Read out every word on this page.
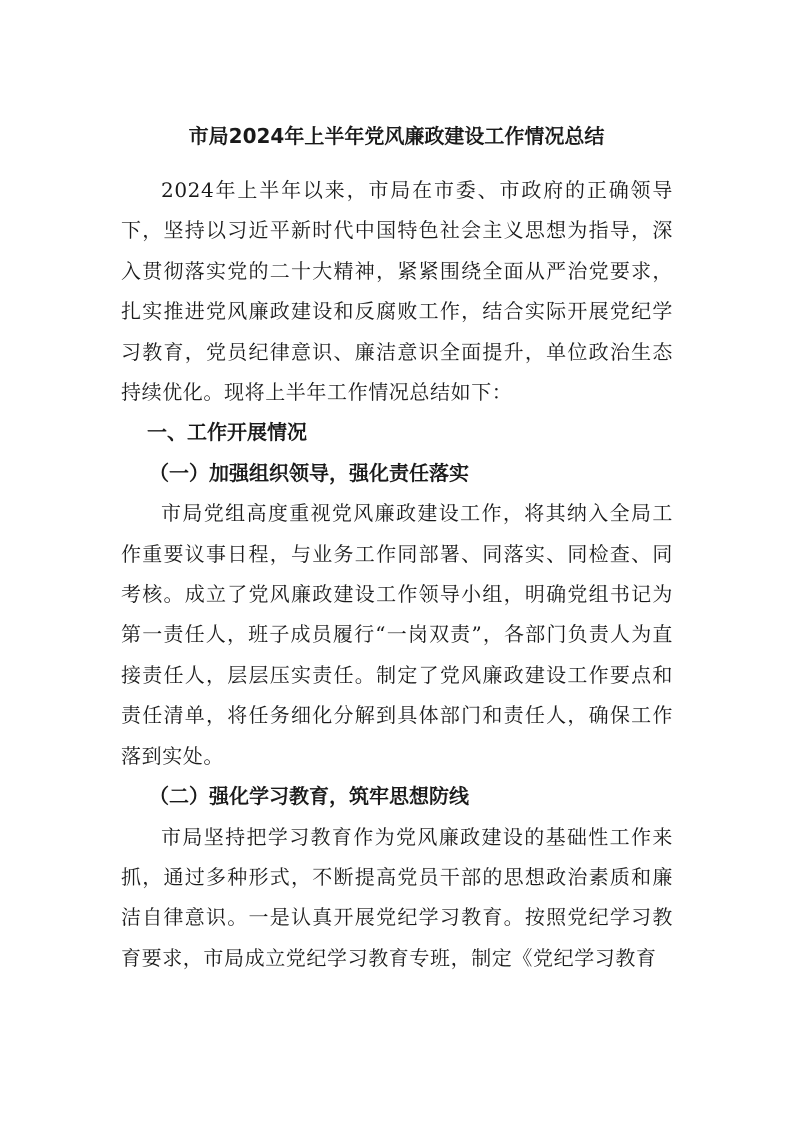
市局2024年上半年党风廉政建设工作情况总结

2024年上半年以来，市局在市委、市政府的正确领导下，坚持以习近平新时代中国特色社会主义思想为指导，深入贯彻落实党的二十大精神，紧紧围绕全面从严治党要求，扎实推进党风廉政建设和反腐败工作，结合实际开展党纪学习教育，党员纪律意识、廉洁意识全面提升，单位政治生态持续优化。现将上半年工作情况总结如下：

一、工作开展情况

（一）加强组织领导，强化责任落实

市局党组高度重视党风廉政建设工作，将其纳入全局工作重要议事日程，与业务工作同部署、同落实、同检查、同考核。成立了党风廉政建设工作领导小组，明确党组书记为第一责任人，班子成员履行“一岗双责”，各部门负责人为直接责任人，层层压实责任。制定了党风廉政建设工作要点和责任清单，将任务细化分解到具体部门和责任人，确保工作落到实处。

（二）强化学习教育，筑牢思想防线

市局坚持把学习教育作为党风廉政建设的基础性工作来抓，通过多种形式，不断提高党员干部的思想政治素质和廉洁自律意识。一是认真开展党纪学习教育。按照党纪学习教育要求，市局成立党纪学习教育专班，制定《党纪学习教育
